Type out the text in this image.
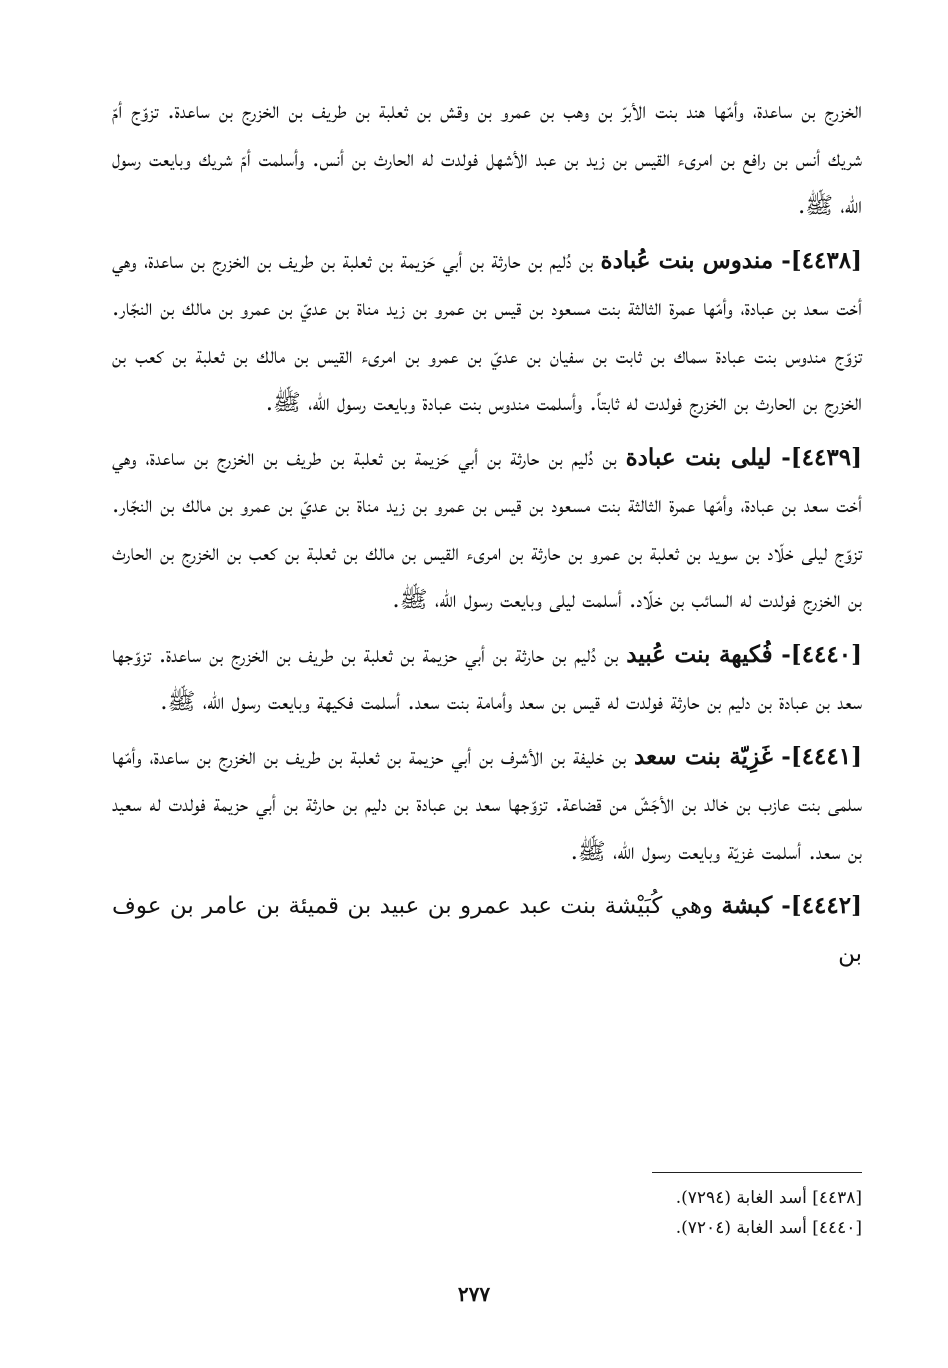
الخزرج بن ساعدة، وأمّها هند بنت الأبرّ بن وهب بن عمرو بن وقش بن ثعلبة بن طريف بن الخزرج بن ساعدة. تزوّج أمّ شريك أنس بن رافع بن امرىء القيس بن زيد بن عبد الأشهل فولدت له الحارث بن أنس. وأسلمت أمّ شريك وبايعت رسول الله، ﷺ.

[٤٤٣٨]- مندوس بنت عُبادة بن دُليم بن حارثة بن أبي حَزيمة بن ثعلبة بن طريف بن الخزرج بن ساعدة، وهي أخت سعد بن عبادة، وأمّها عمرة الثالثة بنت مسعود بن قيس بن عمرو بن زيد مناة بن عديّ بن عمرو بن مالك بن النجّار. تزوّج مندوس بنت عبادة سماك بن ثابت بن سفيان بن عديّ بن عمرو بن امرىء القيس بن مالك بن ثعلبة بن كعب بن الخزرج بن الحارث بن الخزرج فولدت له ثابتاً. وأسلمت مندوس بنت عبادة وبايعت رسول الله، ﷺ.

[٤٤٣٩]- ليلى بنت عبادة بن دُليم بن حارثة بن أبي حَزيمة بن ثعلبة بن طريف بن الخزرج بن ساعدة، وهي أخت سعد بن عبادة، وأمّها عمرة الثالثة بنت مسعود بن قيس بن عمرو بن زيد مناة بن عديّ بن عمرو بن مالك بن النجّار. تزوّج ليلى خلّاد بن سويد بن ثعلبة بن عمرو بن حارثة بن امرىء القيس بن مالك بن ثعلبة بن كعب بن الخزرج بن الحارث بن الخزرج فولدت له السائب بن خلّاد. أسلمت ليلى وبايعت رسول الله، ﷺ.

[٤٤٤٠]- فُكيهة بنت عُبيد بن دُليم بن حارثة بن أبي حزيمة بن ثعلبة بن طريف بن الخزرج بن ساعدة. تزوّجها سعد بن عبادة بن دليم بن حارثة فولدت له قيس بن سعد وأمامة بنت سعد. أسلمت فكيهة وبايعت رسول الله، ﷺ.

[٤٤٤١]- غَزِيّة بنت سعد بن خليفة بن الأشرف بن أبي حزيمة بن ثعلبة بن طريف بن الخزرج بن ساعدة، وأمّها سلمى بنت عازب بن خالد بن الأجَشّ من قضاعة. تزوّجها سعد بن عبادة بن دليم بن حارثة بن أبي حزيمة فولدت له سعيد بن سعد. أسلمت غزيّة وبايعت رسول الله، ﷺ.

[٤٤٤٢]- كبشة وهي كُبَيْشة بنت عبد عمرو بن عبيد بن قميئة بن عامر بن عوف بن

[٤٤٣٨] أسد الغابة (٧٢٩٤).
[٤٤٤٠] أسد الغابة (٧٢٠٤).
٢٧٧
